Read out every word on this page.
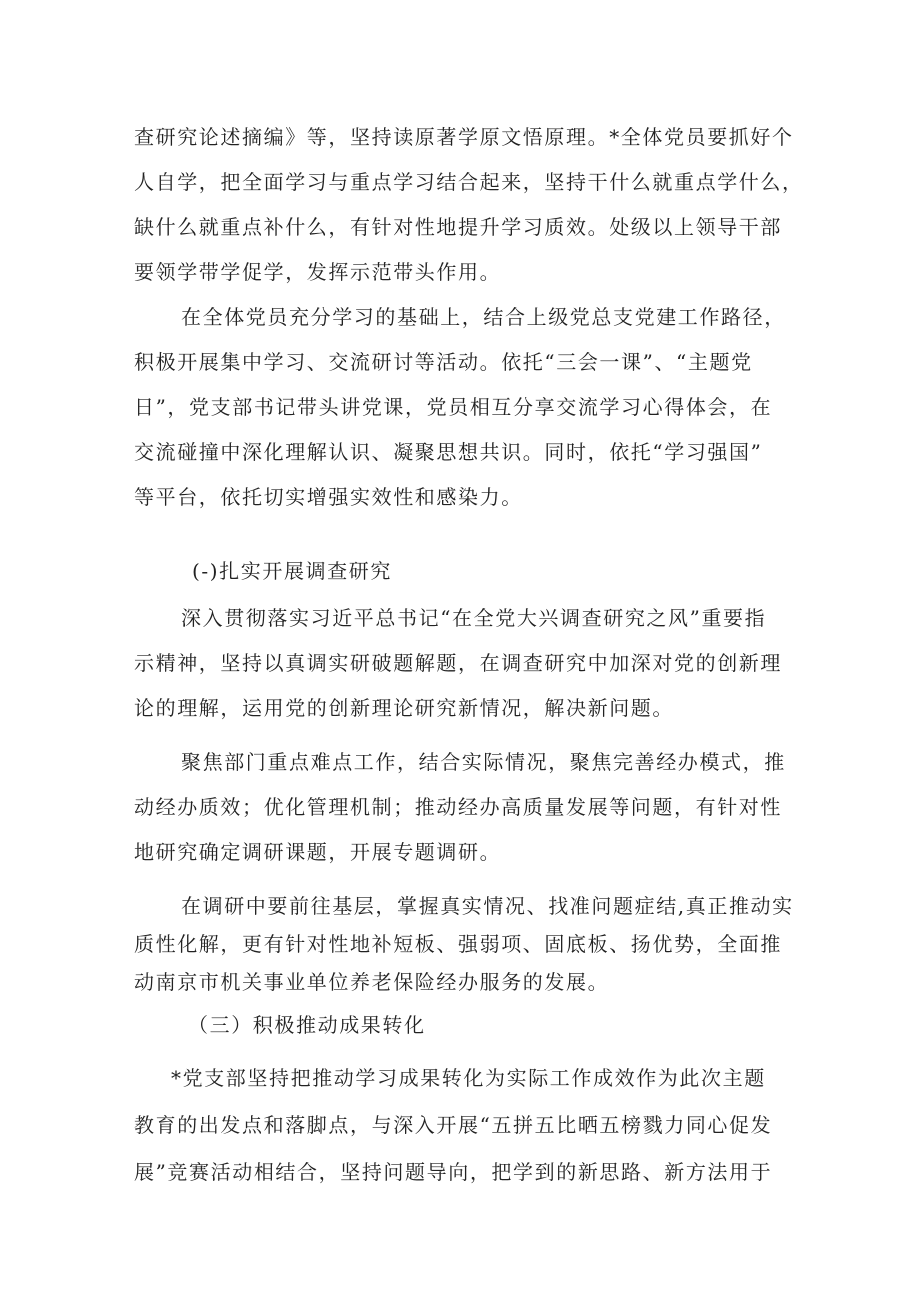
查研究论述摘编》等，坚持读原著学原文悟原理。*全体党员要抓好个
人自学，把全面学习与重点学习结合起来，坚持干什么就重点学什么，
缺什么就重点补什么，有针对性地提升学习质效。处级以上领导干部
要领学带学促学，发挥示范带头作用。
在全体党员充分学习的基础上，结合上级党总支党建工作路径，
积极开展集中学习、交流研讨等活动。依托“三会一课”、“主题党
日”，党支部书记带头讲党课，党员相互分享交流学习心得体会，在
交流碰撞中深化理解认识、凝聚思想共识。同时，依托“学习强国”
等平台，依托切实增强实效性和感染力。
(-)扎实开展调查研究
深入贯彻落实习近平总书记“在全党大兴调查研究之风”重要指
示精神，坚持以真调实研破题解题，在调查研究中加深对党的创新理
论的理解，运用党的创新理论研究新情况，解决新问题。
聚焦部门重点难点工作，结合实际情况，聚焦完善经办模式，推
动经办质效；优化管理机制；推动经办高质量发展等问题，有针对性
地研究确定调研课题，开展专题调研。
在调研中要前往基层，掌握真实情况、找准问题症结,真正推动实
质性化解，更有针对性地补短板、强弱项、固底板、扬优势，全面推
动南京市机关事业单位养老保险经办服务的发展。
（三）积极推动成果转化
*党支部坚持把推动学习成果转化为实际工作成效作为此次主题
教育的出发点和落脚点，与深入开展“五拼五比晒五榜戮力同心促发
展”竞赛活动相结合，坚持问题导向，把学到的新思路、新方法用于
